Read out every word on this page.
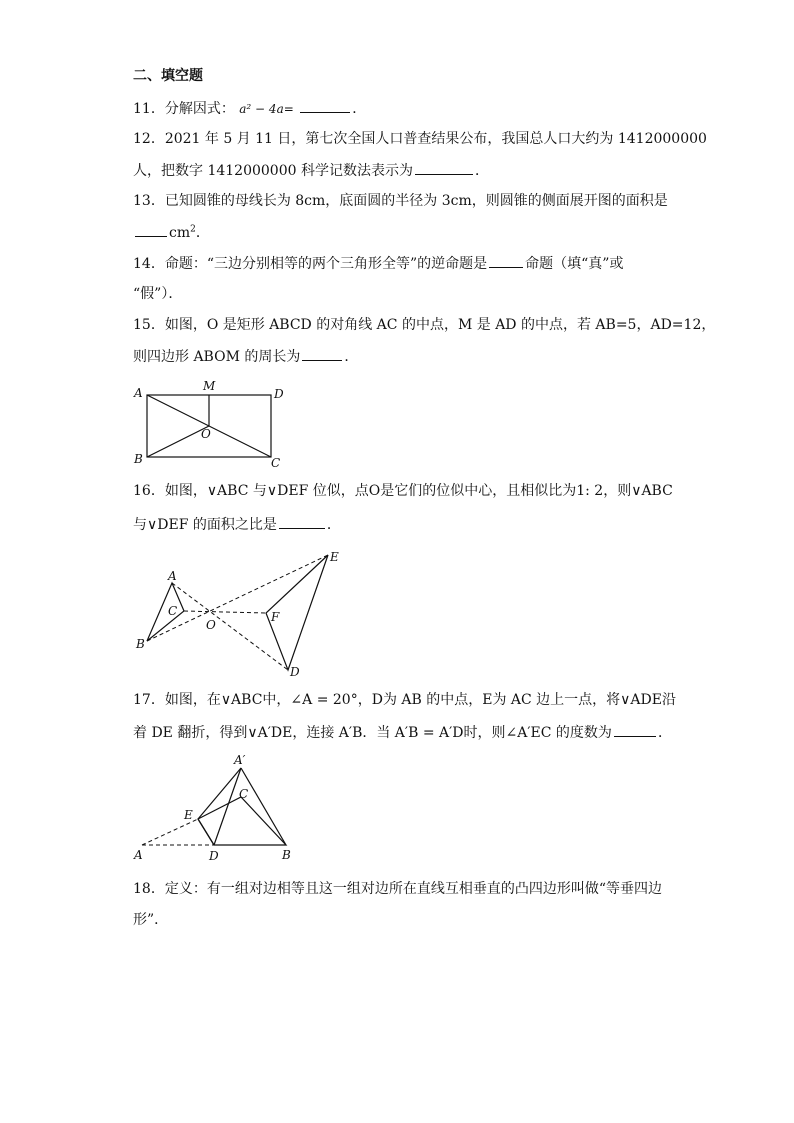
二、填空题
11．分解因式： a² − 4a=	．
12．2021 年 5 月 11 日，第七次全国人口普查结果公布，我国总人口大约为 1412000000
人，把数字 1412000000 科学记数法表示为	．
13．已知圆锥的母线长为 8cm，底面圆的半径为 3cm，则圆锥的侧面展开图的面积是
$cm^2$．
14．命题：“三边分别相等的两个三角形全等”的逆命题是	命题（填“真”或
“假”）．
15．如图，O 是矩形 ABCD 的对角线 AC 的中点，M 是 AD 的中点，若 AB=5，AD=12，
则四边形 ABOM 的周长为	．
A	M
D
O
B	C
16．如图，∨ABC 与∨DEF 位似，点O是它们的位似中心，且相似比为1: 2，则∨ABC
与∨DEF 的面积之比是	．
A
B
C
O
E
F
D
17．如图，在∨ABC中，∠A = 20°，D为 AB 的中点，E为 AC 边上一点，将∨ADE沿
着 DE 翻折，得到∨A′DE，连接 A′B．当 A′B = A′D时，则∠A′EC 的度数为	．
A′
C
E
A	D	B
18．定义：有一组对边相等且这一组对边所在直线互相垂直的凸四边形叫做“等垂四边
形”．
